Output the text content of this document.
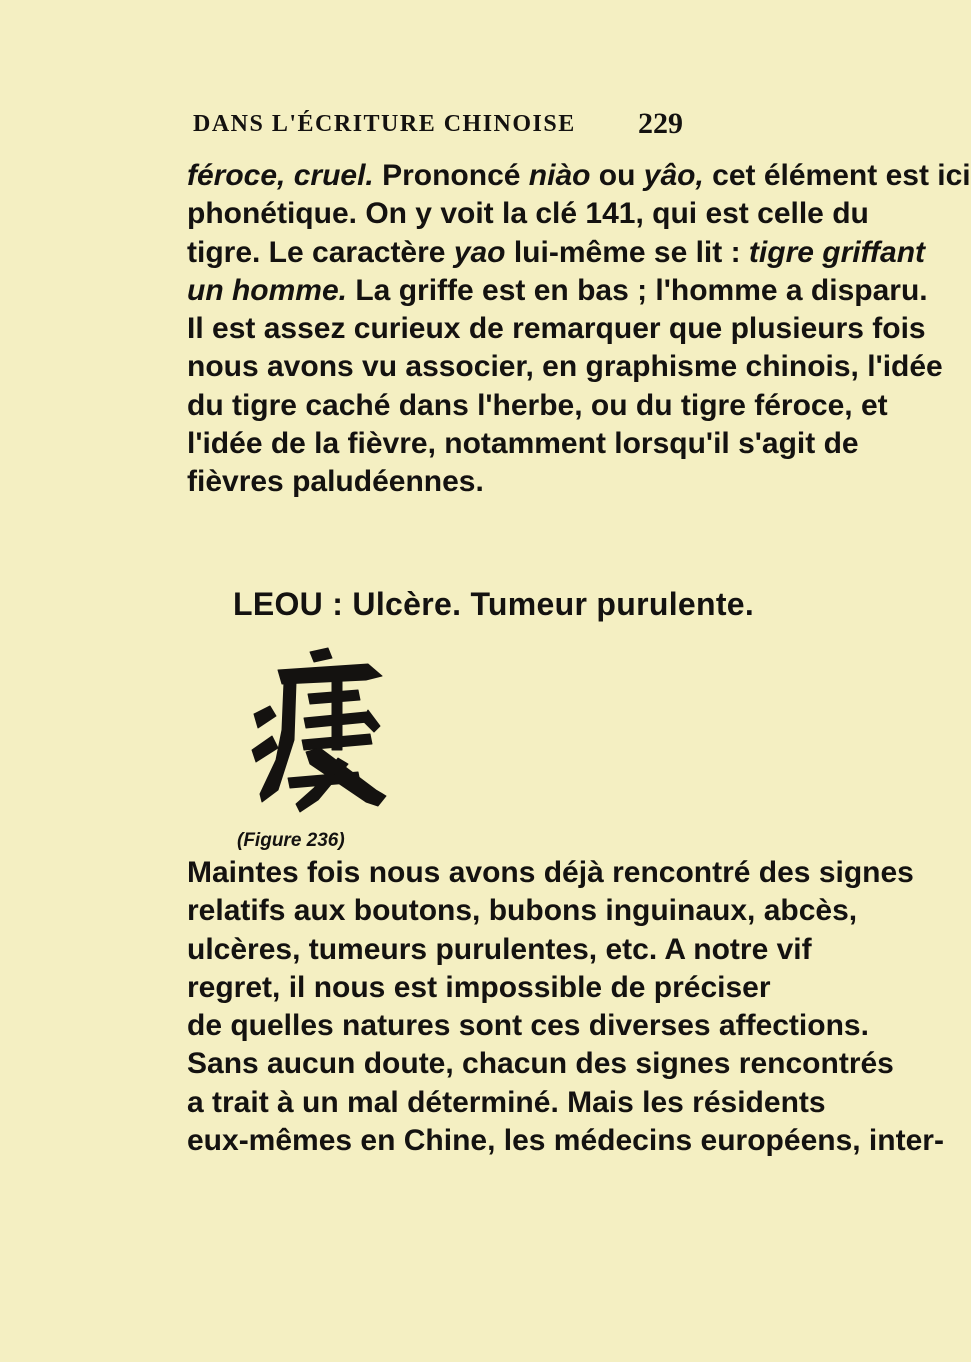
DANS L'ÉCRITURE CHINOISE 229
féroce, cruel. Prononcé niào ou yâo, cet élément est ici
phonétique. On y voit la clé 141, qui est celle du
tigre. Le caractère yao lui-même se lit : tigre griffant
un homme. La griffe est en bas ; l'homme a disparu.
Il est assez curieux de remarquer que plusieurs fois
nous avons vu associer, en graphisme chinois, l'idée
du tigre caché dans l'herbe, ou du tigre féroce, et
l'idée de la fièvre, notamment lorsqu'il s'agit de
fièvres paludéennes.
LEOU : Ulcère. Tumeur purulente.
(Figure 236)
Maintes fois nous avons déjà rencontré des signes
relatifs aux boutons, bubons inguinaux, abcès,
ulcères, tumeurs purulentes, etc. A notre vif
regret, il nous est impossible de préciser
de quelles natures sont ces diverses affections.
Sans aucun doute, chacun des signes rencontrés
a trait à un mal déterminé. Mais les résidents
eux-mêmes en Chine, les médecins européens, inter-
